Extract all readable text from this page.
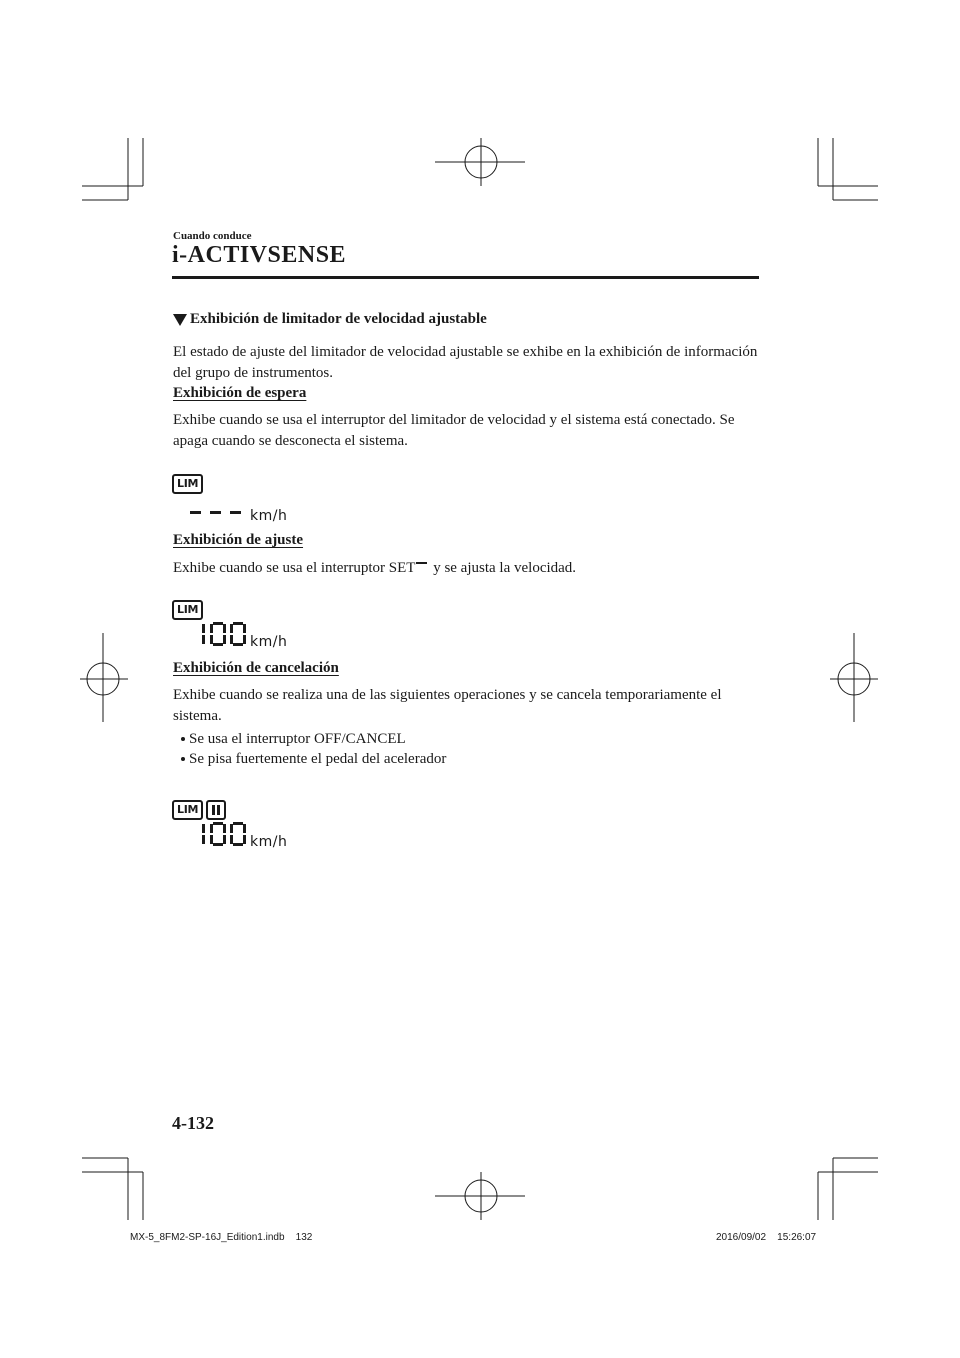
Cuando conduce
i-ACTIVSENSE
Exhibición de limitador de velocidad ajustable
El estado de ajuste del limitador de velocidad ajustable se exhibe en la exhibición de información del grupo de instrumentos.
Exhibición de espera
Exhibe cuando se usa el interruptor del limitador de velocidad y el sistema está conectado. Se apaga cuando se desconecta el sistema.
LIM
km/h
Exhibición de ajuste
Exhibe cuando se usa el interruptor SET y se ajusta la velocidad.
LIM
km/h
Exhibición de cancelación
Exhibe cuando se realiza una de las siguientes operaciones y se cancela temporariamente el sistema.
Se usa el interruptor OFF/CANCEL
Se pisa fuertemente el pedal del acelerador
LIM
km/h
4-132
MX-5_8FM2-SP-16J_Edition1.indb    132	2016/09/02    15:26:07
